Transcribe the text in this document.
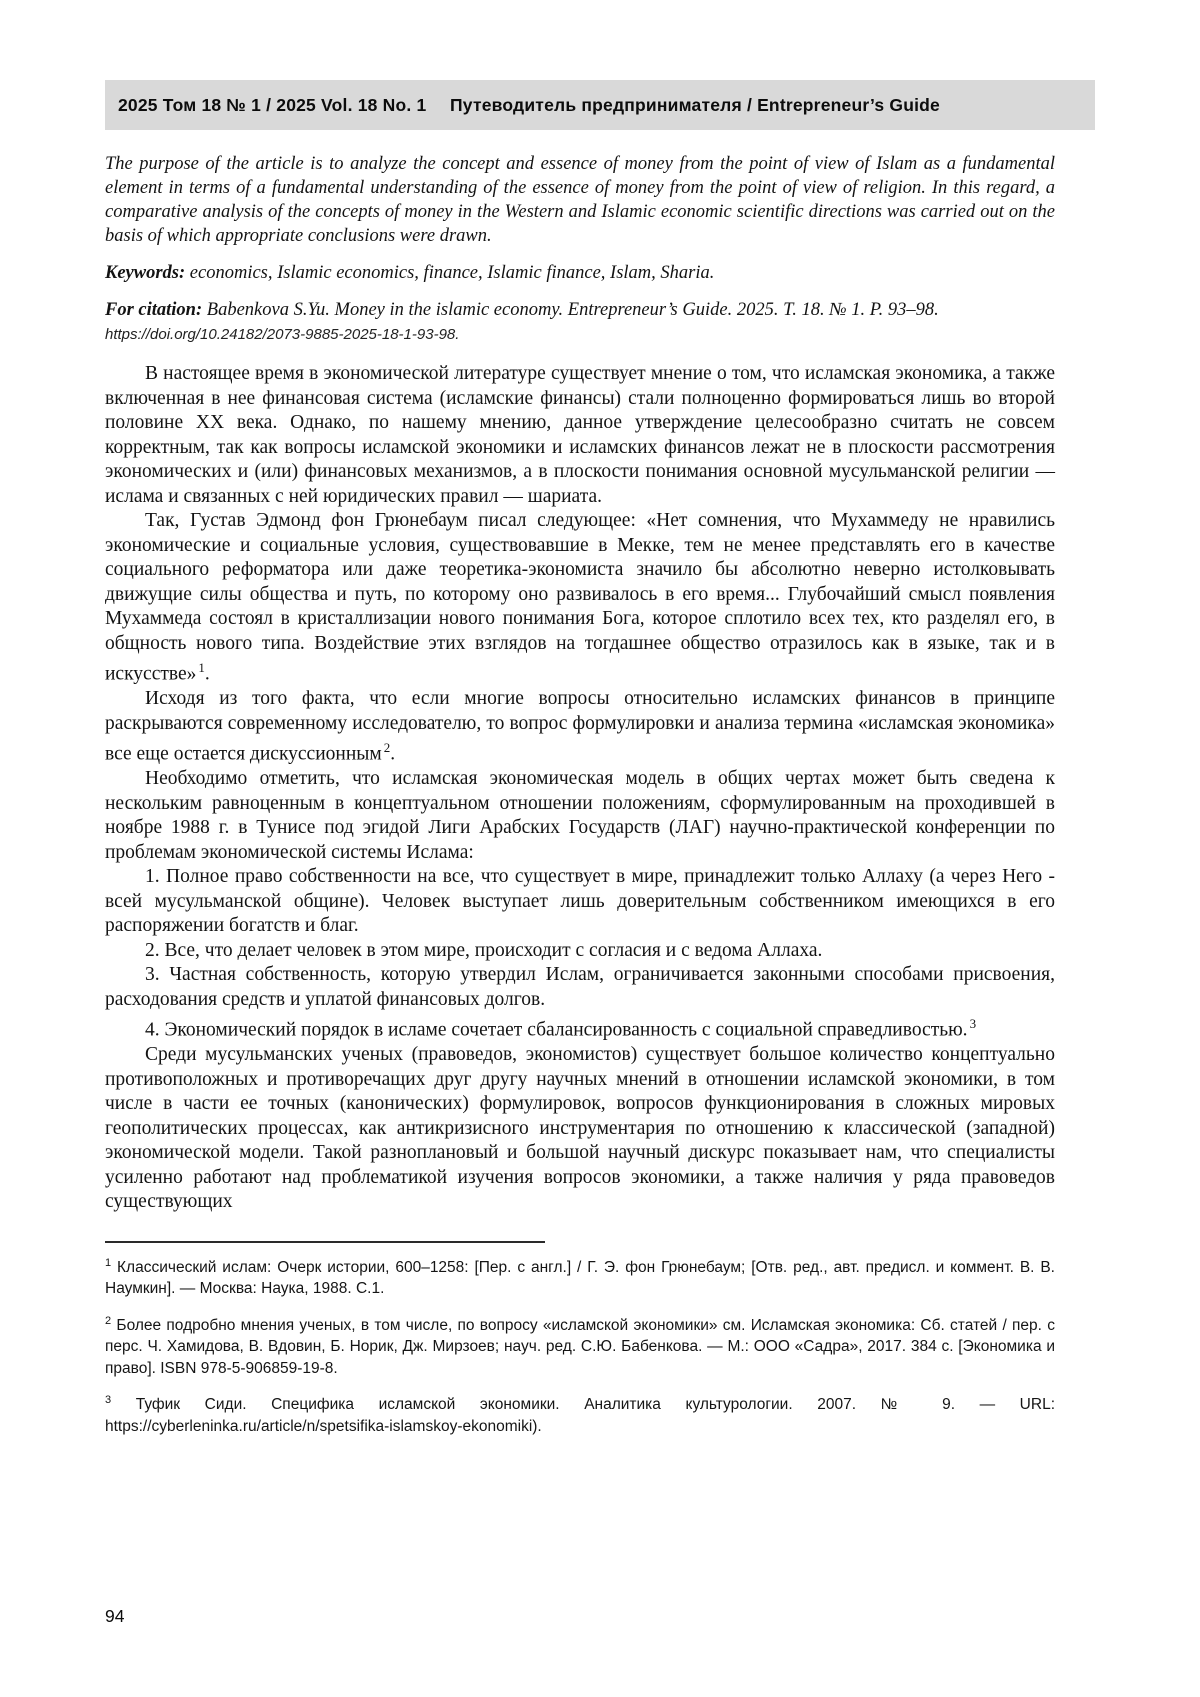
2025 Том 18 № 1 / 2025 Vol. 18 No. 1 Путеводитель предпринимателя / Entrepreneur’s Guide

The purpose of the article is to analyze the concept and essence of money from the point of view of Islam as a fundamental element in terms of a fundamental understanding of the essence of money from the point of view of religion. In this regard, a comparative analysis of the concepts of money in the Western and Islamic economic scientific directions was carried out on the basis of which appropriate conclusions were drawn.

Keywords: economics, Islamic economics, finance, Islamic finance, Islam, Sharia.

For citation: Babenkova S.Yu. Money in the islamic economy. Entrepreneur’s Guide. 2025. Т. 18. № 1. P. 93–98.

https://doi.org/10.24182/2073-9885-2025-18-1-93-98.

В настоящее время в экономической литературе существует мнение о том, что исламская экономика, а также включенная в нее финансовая система (исламские финансы) стали полноценно формироваться лишь во второй половине XX века. Однако, по нашему мнению, данное утверждение целесообразно считать не совсем корректным, так как вопросы исламской экономики и исламских финансов лежат не в плоскости рассмотрения экономических и (или) финансовых механизмов, а в плоскости понимания основной мусульманской религии — ислама и связанных с ней юридических правил — шариата.

Так, Густав Эдмонд фон Грюнебаум писал следующее: «Нет сомнения, что Мухаммеду не нравились экономические и социальные условия, существовавшие в Мекке, тем не менее представлять его в качестве социального реформатора или даже теоретика-экономиста значило бы абсолютно неверно истолковывать движущие силы общества и путь, по которому оно развивалось в его время... Глубочайший смысл появления Мухаммеда состоял в кристаллизации нового понимания Бога, которое сплотило всех тех, кто разделял его, в общность нового типа. Воздействие этих взглядов на тогдашнее общество отразилось как в языке, так и в искусстве» $^1$.

Исходя из того факта, что если многие вопросы относительно исламских финансов в принципе раскрываются современному исследователю, то вопрос формулировки и анализа термина «исламская экономика» все еще остается дискуссионным $^2$.

Необходимо отметить, что исламская экономическая модель в общих чертах может быть сведена к нескольким равноценным в концептуальном отношении положениям, сформулированным на проходившей в ноябре 1988 г. в Тунисе под эгидой Лиги Арабских Государств (ЛАГ) научно-практической конференции по проблемам экономической системы Ислама:

1. Полное право собственности на все, что существует в мире, принадлежит только Аллаху (а через Него - всей мусульманской общине). Человек выступает лишь доверительным собственником имеющихся в его распоряжении богатств и благ.

2. Все, что делает человек в этом мире, происходит с согласия и с ведома Аллаха.

3. Частная собственность, которую утвердил Ислам, ограничивается законными способами присвоения, расходования средств и уплатой финансовых долгов.

4. Экономический порядок в исламе сочетает сбалансированность с социальной справедливостью. $^3$

Среди мусульманских ученых (правоведов, экономистов) существует большое количество концептуально противоположных и противоречащих друг другу научных мнений в отношении исламской экономики, в том числе в части ее точных (канонических) формулировок, вопросов функционирования в сложных мировых геополитических процессах, как антикризисного инструментария по отношению к классической (западной) экономической модели. Такой разноплановый и большой научный дискурс показывает нам, что специалисты усиленно работают над проблематикой изучения вопросов экономики, а также наличия у ряда правоведов существующих

$^1$ Классический ислам: Очерк истории, 600–1258: [Пер. с англ.] / Г. Э. фон Грюнебаум; [Отв. ред., авт. предисл. и коммент. В. В. Наумкин]. — Москва: Наука, 1988. С.1.

$^2$ Более подробно мнения ученых, в том числе, по вопросу «исламской экономики» см. Исламская экономика: Сб. статей / пер. с перс. Ч. Хамидова, В. Вдовин, Б. Норик, Дж. Мирзоев; науч. ред. С.Ю. Бабенкова. — М.: ООО «Садра», 2017. 384 с. [Экономика и право]. ISBN 978-5-906859-19-8.

$^3$ Туфик Сиди. Специфика исламской экономики. Аналитика культурологии. 2007. № 9. — URL: https://cyberleninka.ru/article/n/spetsifika-islamskoy-ekonomiki).

94
